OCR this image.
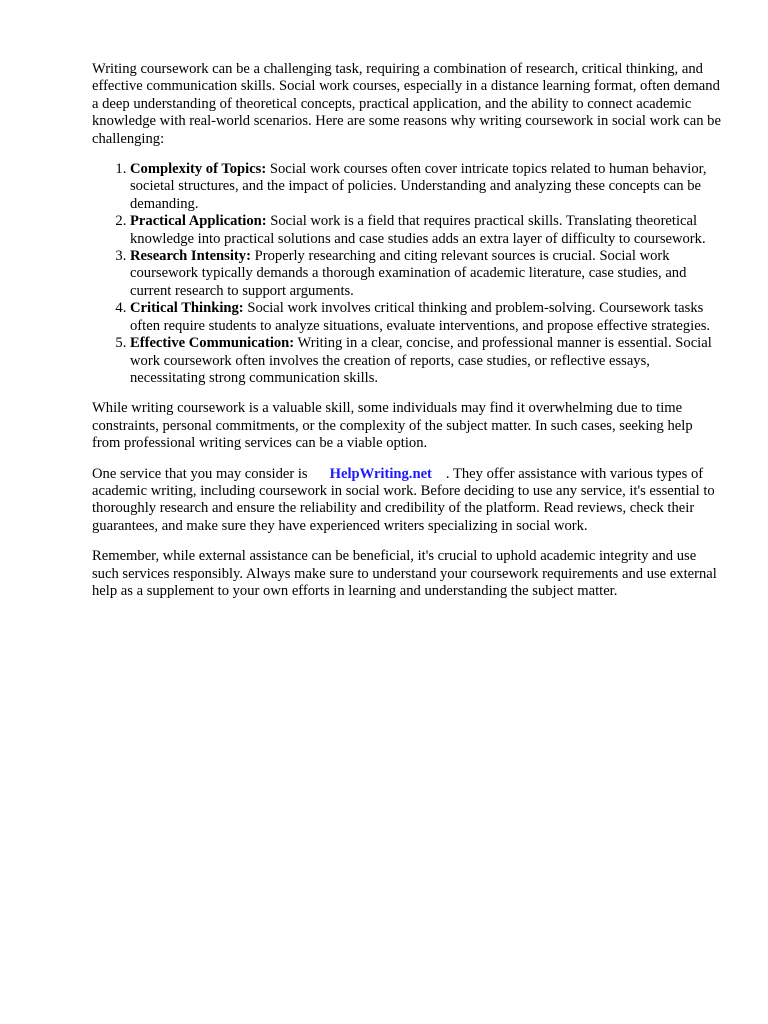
Writing coursework can be a challenging task, requiring a combination of research, critical thinking, and effective communication skills. Social work courses, especially in a distance learning format, often demand a deep understanding of theoretical concepts, practical application, and the ability to connect academic knowledge with real-world scenarios. Here are some reasons why writing coursework in social work can be challenging:

1. Complexity of Topics: Social work courses often cover intricate topics related to human behavior, societal structures, and the impact of policies. Understanding and analyzing these concepts can be demanding.
2. Practical Application: Social work is a field that requires practical skills. Translating theoretical knowledge into practical solutions and case studies adds an extra layer of difficulty to coursework.
3. Research Intensity: Properly researching and citing relevant sources is crucial. Social work coursework typically demands a thorough examination of academic literature, case studies, and current research to support arguments.
4. Critical Thinking: Social work involves critical thinking and problem-solving. Coursework tasks often require students to analyze situations, evaluate interventions, and propose effective strategies.
5. Effective Communication: Writing in a clear, concise, and professional manner is essential. Social work coursework often involves the creation of reports, case studies, or reflective essays, necessitating strong communication skills.

While writing coursework is a valuable skill, some individuals may find it overwhelming due to time constraints, personal commitments, or the complexity of the subject matter. In such cases, seeking help from professional writing services can be a viable option.

One service that you may consider is HelpWriting.net . They offer assistance with various types of academic writing, including coursework in social work. Before deciding to use any service, it's essential to thoroughly research and ensure the reliability and credibility of the platform. Read reviews, check their guarantees, and make sure they have experienced writers specializing in social work.

Remember, while external assistance can be beneficial, it's crucial to uphold academic integrity and use such services responsibly. Always make sure to understand your coursework requirements and use external help as a supplement to your own efforts in learning and understanding the subject matter.
